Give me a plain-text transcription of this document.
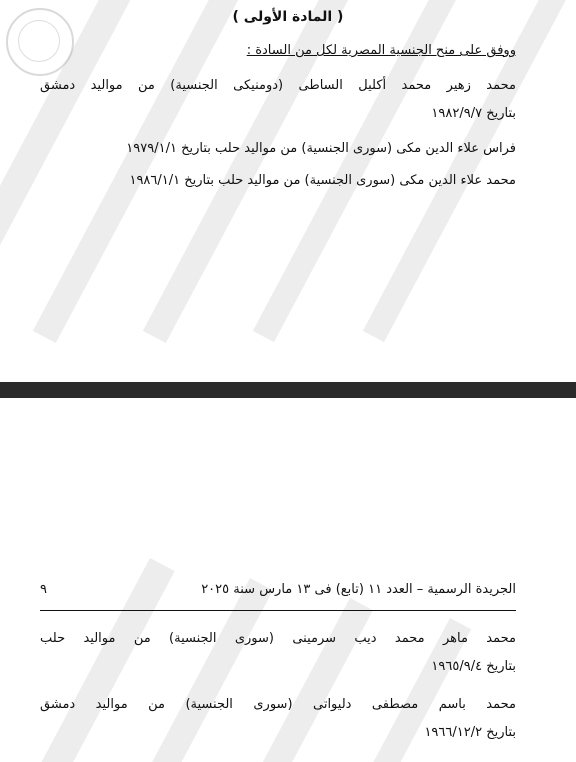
( المادة الأولى )
ووفق على منح الجنسية المصرية لكل من السادة :
محمد زهير محمد أكليل الساطى (دومنيكى الجنسية) من مواليد دمشق
بتاريخ ١٩٨٢/٩/٧
فراس علاء الدين مكى (سورى الجنسية) من مواليد حلب بتاريخ ١٩٧٩/١/١
محمد علاء الدين مكى (سورى الجنسية) من مواليد حلب بتاريخ ١٩٨٦/١/١
الجريدة الرسمية – العدد ١١ (تابع) فى ١٣ مارس سنة ٢٠٢٥
٩
محمد ماهر محمد ديب سرمينى (سورى الجنسية) من مواليد حلب
بتاريخ ١٩٦٥/٩/٤
محمد باسم مصطفى دليواتى (سورى الجنسية) من مواليد دمشق
بتاريخ ١٩٦٦/١٢/٢
